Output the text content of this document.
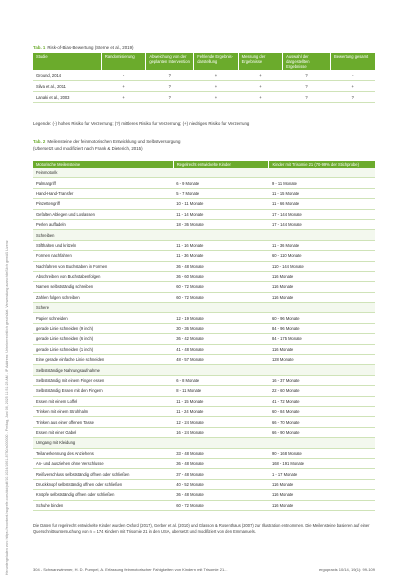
Heruntergeladen von: https://econtent.hogrefe.com/doi/pdf/10.1024/1661-8750/a000000 - Freitag, Juni 06, 2025 11:51:23 AM - IP Address: Urheberrechtlich geschützt. Verwendung ausschließlich gemäß Lizenz
Tab. 1 Risk-of-Bias-Bewertung (Sterne et al., 2019)
Studie	Randomisierung	Abweichung von der geplanten Intervention	Fehlende Ergebnisdarstellung	Messung der Ergebnisse	Auswahl der dargestellten Ergebnisse	Bewertung gesamt
Ground, 2014	-	?	+	+	?	-
Silva et al., 2011	+	?	+	+	?	+
Lanaki et al., 2003	+	?	+	+	?	?
Legende: (-) hohes Risiko fur Verzerrung; (?) mittleres Risiko fur Verzerrung; (+) niedriges Risiko fur Verzerrung
Tab. 2 Meilensteine der feinmotorischen Entwicklung und Selbstversorgung
(Ubersetzt und modifiziert nach Frank & Dieterich, 2015)
Motorische Meilensteine	Regelrecht entwickelte Kinder	Kinder mit Trisomie 21 (70-99% der Stichprobe)
Feinmotorik		
Palmargriff	6 - 9 Monate	9 - 11 Monate
Hand-Hand-Transfer	5 - 7 Monate	11 - 15 Monate
Pinzettengriff	10 - 11 Monate	11 - 66 Monate
Gefalten Ablegen und Loslassen	11 - 14 Monate	17 - 144 Monate
Perlen auffadeln	18 - 36 Monate	17 - 144 Monate
Schreiben		
Stifthalten und kritzeln	11 - 16 Monate	11 - 36 Monate
Formen nachfahren	11 - 36 Monate	60 - 110 Monate
Nachfahren von Buchstaben in Formen	36 - 48 Monate	110 - 144 Monate
Abschreiben von Buchstabenfolgen	36 - 60 Monate	116 Monate
Namen selbstständig schreiben	60 - 72 Monate	116 Monate
Zahlen folgen schreiben	60 - 72 Monate	116 Monate
Schere		
Papier schneiden	12 - 19 Monate	60 - 96 Monate
gerade Linie schneiden (9 inch)	30 - 36 Monate	84 - 96 Monate
gerade Linie schneiden (6 inch)	36 - 42 Monate	84 - 175 Monate
gerade Linie schneiden (1 inch)	41 - 48 Monate	116 Monate
Eine gerade einfache Linie schneiden	48 - 57 Monate	128 Monate
Selbstständige Nahrungsaufnahme		
Selbstständig mit einem Finger essen	6 - 8 Monate	16 - 37 Monate
Selbstständig Essen mit den Fingern	8 - 11 Monate	22 - 60 Monate
Essen mit einem Loffel	11 - 15 Monate	41 - 72 Monate
Trinken mit einem Strohhalm	11 - 24 Monate	60 - 84 Monate
Trinken aus einer offenen Tasse	12 - 24 Monate	66 - 70 Monate
Essen mit einer Gabel	16 - 24 Monate	66 - 90 Monate
Umgang mit Kleidung		
Teilanerkennung des Anziehens	33 - 48 Monate	90 - 168 Monate
An- und ausziehen ohne Verschlusse	36 - 48 Monate	168 - 191 Monate
Reißverschluss selbstständig offnen oder schließen	37 - 48 Monate	1 - 17 Monate
Druckknopf selbstständig offnen oder schließen	40 - 52 Monate	116 Monate
Knöpfe selbstständig offnen oder schließen	36 - 48 Monate	116 Monate
Schuhe binden	60 - 72 Monate	116 Monate
Die Daten fur regelrecht entwickelte Kinder wurden Oxford (2017), Gerber et al. (2010) und Glasson & Rosenthaus (2007) zur Illustration entnommen. Die Meilensteine basieren auf einer Querschnittsuntersuchung von n = 174 Kindern mit Trisomie 21 in den USA, ubersetzt und modifiziert von den Emmanuels.
304 - Schwarzwimmer, H. D. Pumpel, A. Erfassung feinmotorischer Fahigkeiten von Kindern mit Trisomie 21...	ergopraxis 10/14, 19(1): 99-109
